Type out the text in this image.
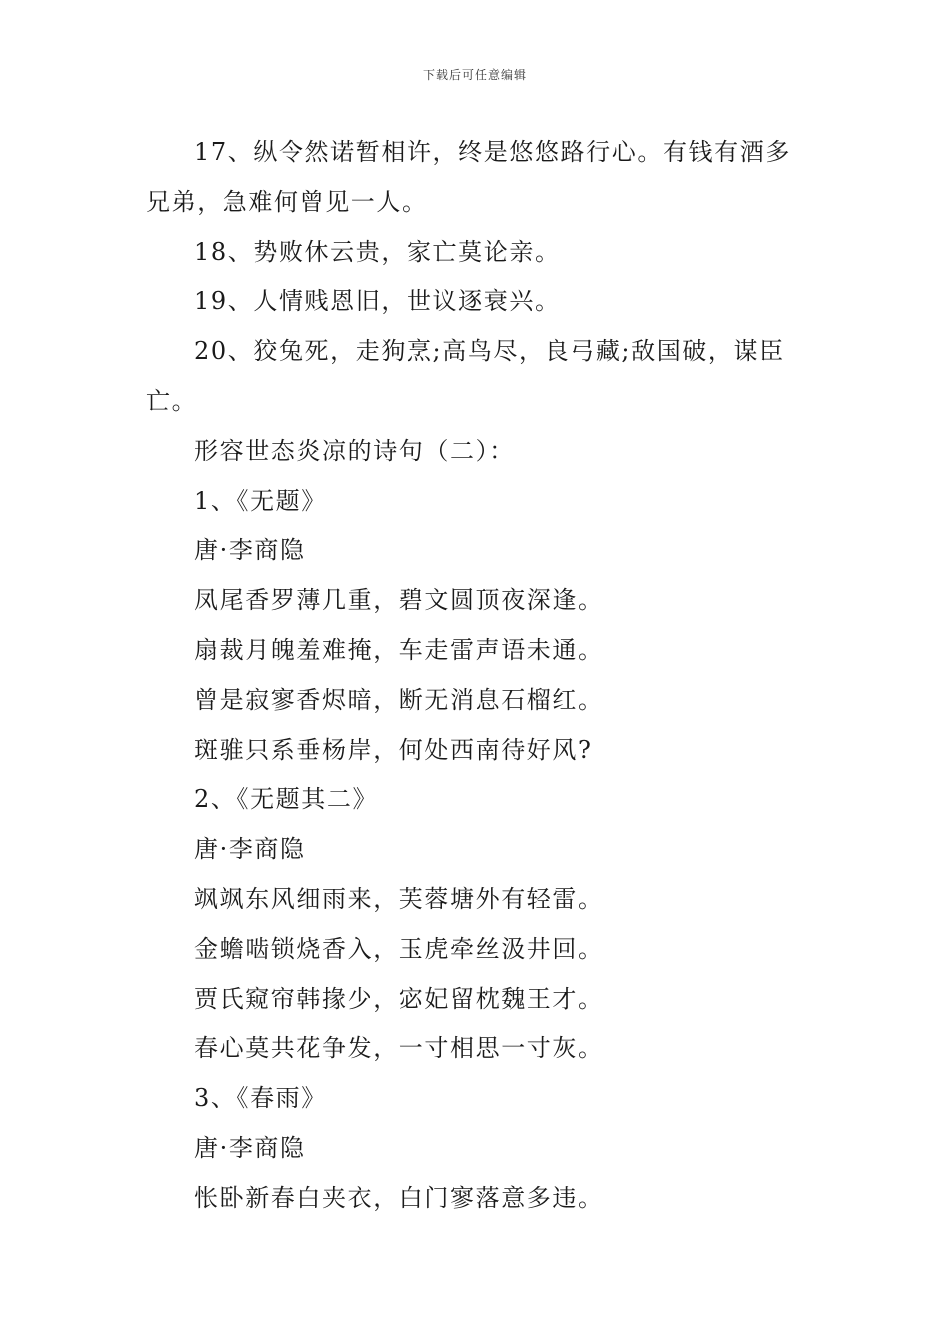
下载后可任意编辑

17、纵令然诺暂相许，终是悠悠路行心。有钱有酒多兄弟，急难何曾见一人。

18、势败休云贵，家亡莫论亲。

19、人情贱恩旧，世议逐衰兴。

20、狡兔死，走狗烹;高鸟尽，良弓藏;敌国破，谋臣亡。

形容世态炎凉的诗句（二）：

1、《无题》

唐·李商隐

凤尾香罗薄几重，碧文圆顶夜深逢。

扇裁月魄羞难掩，车走雷声语未通。

曾是寂寥香烬暗，断无消息石榴红。

斑骓只系垂杨岸，何处西南待好风?

2、《无题其二》

唐·李商隐

飒飒东风细雨来，芙蓉塘外有轻雷。

金蟾啮锁烧香入，玉虎牵丝汲井回。

贾氏窥帘韩掾少，宓妃留枕魏王才。

春心莫共花争发，一寸相思一寸灰。

3、《春雨》

唐·李商隐

怅卧新春白夹衣，白门寥落意多违。
